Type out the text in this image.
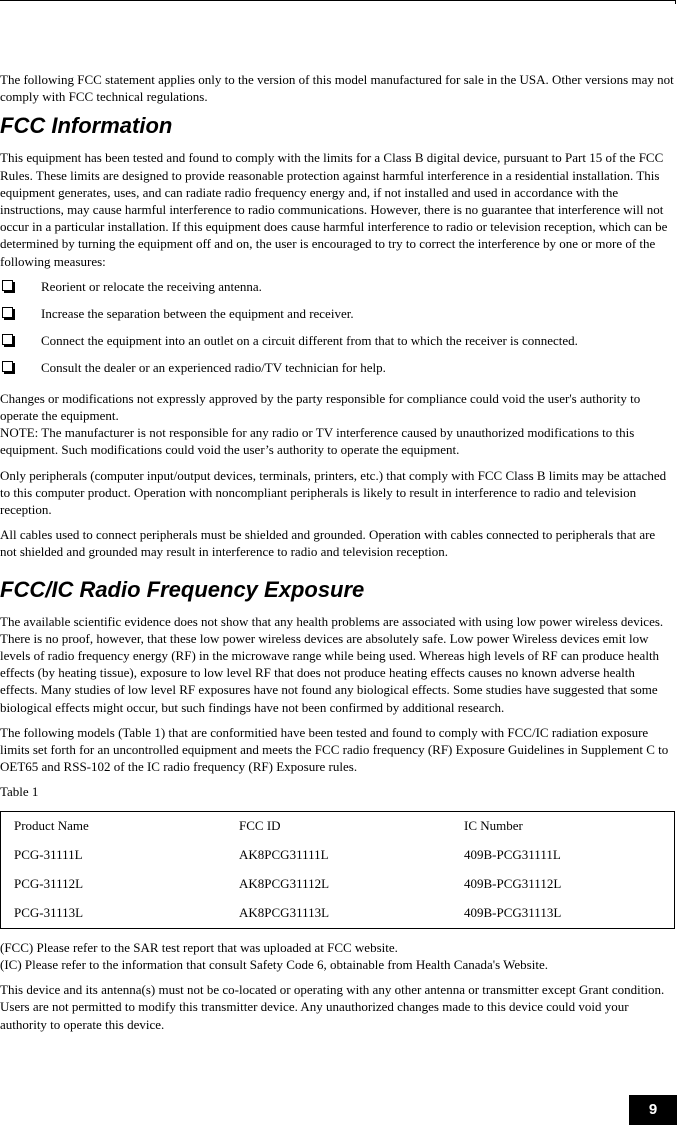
The following FCC statement applies only to the version of this model manufactured for sale in the USA. Other versions may not comply with FCC technical regulations.

FCC Information

This equipment has been tested and found to comply with the limits for a Class B digital device, pursuant to Part 15 of the FCC Rules. These limits are designed to provide reasonable protection against harmful interference in a residential installation. This equipment generates, uses, and can radiate radio frequency energy and, if not installed and used in accordance with the instructions, may cause harmful interference to radio communications. However, there is no guarantee that interference will not occur in a particular installation. If this equipment does cause harmful interference to radio or television reception, which can be determined by turning the equipment off and on, the user is encouraged to try to correct the interference by one or more of the following measures:

Reorient or relocate the receiving antenna.
Increase the separation between the equipment and receiver.
Connect the equipment into an outlet on a circuit different from that to which the receiver is connected.
Consult the dealer or an experienced radio/TV technician for help.

Changes or modifications not expressly approved by the party responsible for compliance could void the user's authority to operate the equipment.

NOTE: The manufacturer is not responsible for any radio or TV interference caused by unauthorized modifications to this equipment. Such modifications could void the user’s authority to operate the equipment.

Only peripherals (computer input/output devices, terminals, printers, etc.) that comply with FCC Class B limits may be attached to this computer product. Operation with noncompliant peripherals is likely to result in interference to radio and television reception.

All cables used to connect peripherals must be shielded and grounded. Operation with cables connected to peripherals that are not shielded and grounded may result in interference to radio and television reception.

FCC/IC Radio Frequency Exposure

The available scientific evidence does not show that any health problems are associated with using low power wireless devices. There is no proof, however, that these low power wireless devices are absolutely safe. Low power Wireless devices emit low levels of radio frequency energy (RF) in the microwave range while being used. Whereas high levels of RF can produce health effects (by heating tissue), exposure to low level RF that does not produce heating effects causes no known adverse health effects. Many studies of low level RF exposures have not found any biological effects. Some studies have suggested that some biological effects might occur, but such findings have not been confirmed by additional research.

The following models (Table 1) that are conformitied have been tested and found to comply with FCC/IC radiation exposure limits set forth for an uncontrolled equipment and meets the FCC radio frequency (RF) Exposure Guidelines in Supplement C to OET65 and RSS-102 of the IC radio frequency (RF) Exposure rules.

Table 1

Product Name	FCC ID	IC Number
PCG-31111L	AK8PCG31111L	409B-PCG31111L
PCG-31112L	AK8PCG31112L	409B-PCG31112L
PCG-31113L	AK8PCG31113L	409B-PCG31113L

(FCC) Please refer to the SAR test report that was uploaded at FCC website.

(IC) Please refer to the information that consult Safety Code 6, obtainable from Health Canada's Website.

This device and its antenna(s) must not be co-located or operating with any other antenna or transmitter except Grant condition. Users are not permitted to modify this transmitter device. Any unauthorized changes made to this device could void your authority to operate this device.

9
